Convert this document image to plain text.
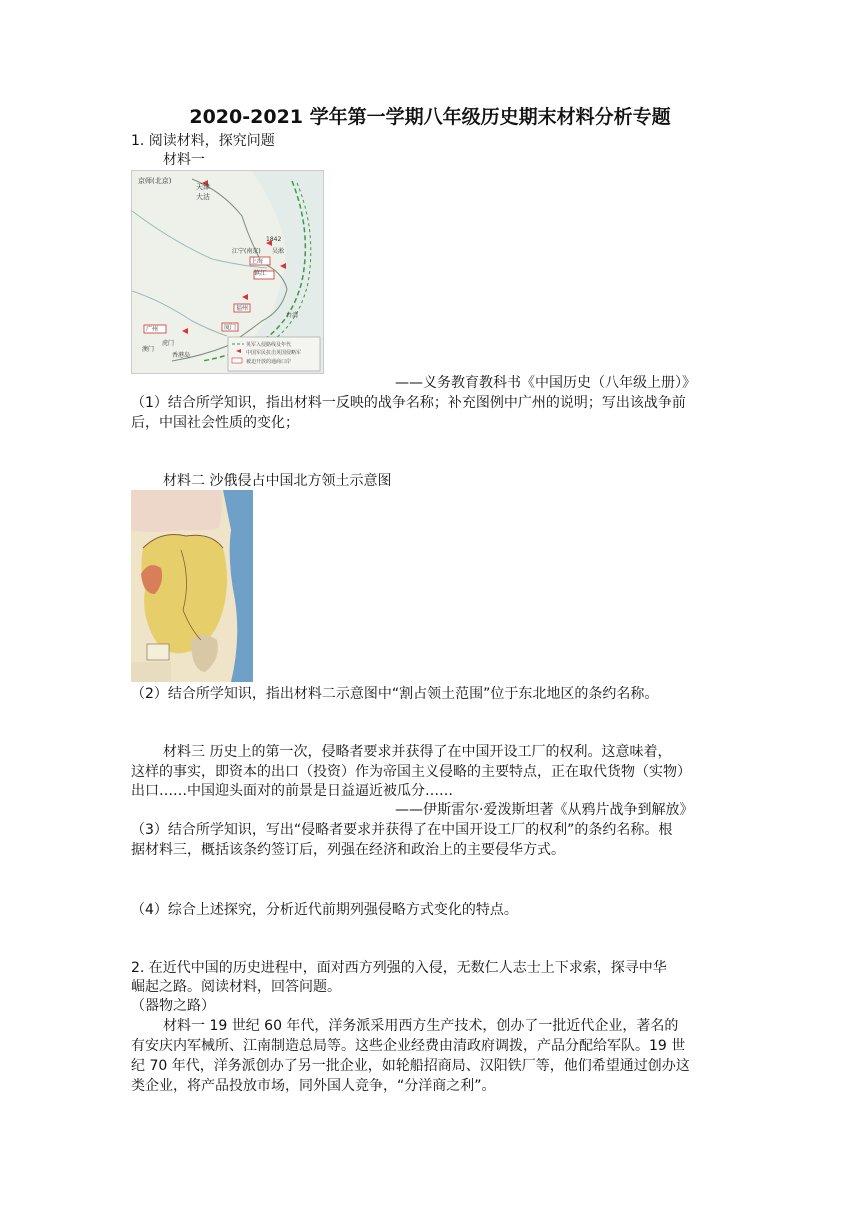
2020-2021 学年第一学期八年级历史期末材料分析专题
1. 阅读材料，探究问题
材料一
京师(北京)
天津
大沽
江宁(南京)
镇江
吴淞
上海
福州
厦门
台湾
广州
虎门
澳门
香港岛
1842
英军入侵路线及年代
中国军民抗击英国侵略军
被迫开放的通商口岸
——义务教育教科书《中国历史（八年级上册）》
（1）结合所学知识，指出材料一反映的战争名称；补充图例中广州的说明；写出该战争前
后，中国社会性质的变化；
材料二 沙俄侵占中国北方领土示意图
（2）结合所学知识，指出材料二示意图中“割占领土范围”位于东北地区的条约名称。
材料三 历史上的第一次，侵略者要求并获得了在中国开设工厂的权利。这意味着，
这样的事实，即资本的出口（投资）作为帝国主义侵略的主要特点，正在取代货物（实物）
出口……中国迎头面对的前景是日益逼近被瓜分……
——伊斯雷尔·爱泼斯坦著《从鸦片战争到解放》
（3）结合所学知识，写出“侵略者要求并获得了在中国开设工厂的权利”的条约名称。根
据材料三，概括该条约签订后，列强在经济和政治上的主要侵华方式。
（4）综合上述探究，分析近代前期列强侵略方式变化的特点。
2. 在近代中国的历史进程中，面对西方列强的入侵，无数仁人志士上下求索，探寻中华
崛起之路。阅读材料，回答问题。
（器物之路）
材料一 19 世纪 60 年代，洋务派采用西方生产技术，创办了一批近代企业，著名的
有安庆内军械所、江南制造总局等。这些企业经费由清政府调拨，产品分配给军队。19 世
纪 70 年代，洋务派创办了另一批企业，如轮船招商局、汉阳铁厂等，他们希望通过创办这
类企业，将产品投放市场，同外国人竞争，“分洋商之利”。
